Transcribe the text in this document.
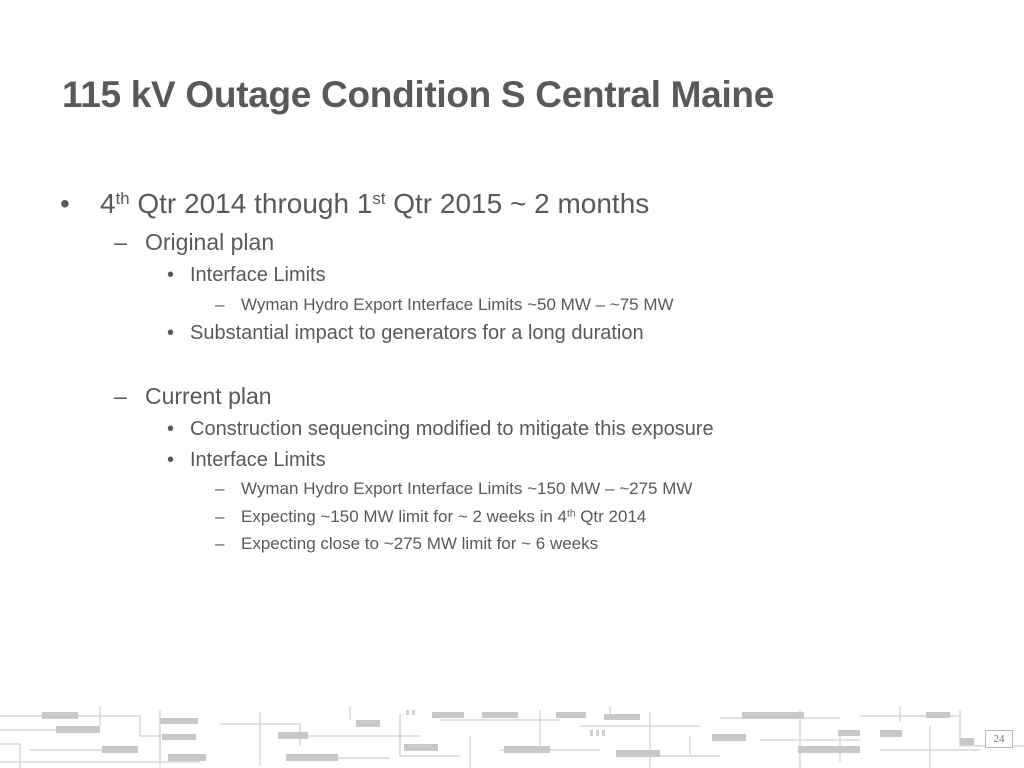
115 kV Outage Condition S Central Maine
• 4th Qtr 2014 through 1st Qtr 2015 ~ 2 months
– Original plan
• Interface Limits
– Wyman Hydro Export Interface Limits ~50 MW – ~75 MW
• Substantial impact to generators for a long duration
– Current plan
• Construction sequencing modified to mitigate this exposure
• Interface Limits
– Wyman Hydro Export Interface Limits ~150 MW – ~275 MW
– Expecting ~150 MW limit for ~ 2 weeks in 4th Qtr 2014
– Expecting close to ~275 MW limit for ~ 6 weeks
24
